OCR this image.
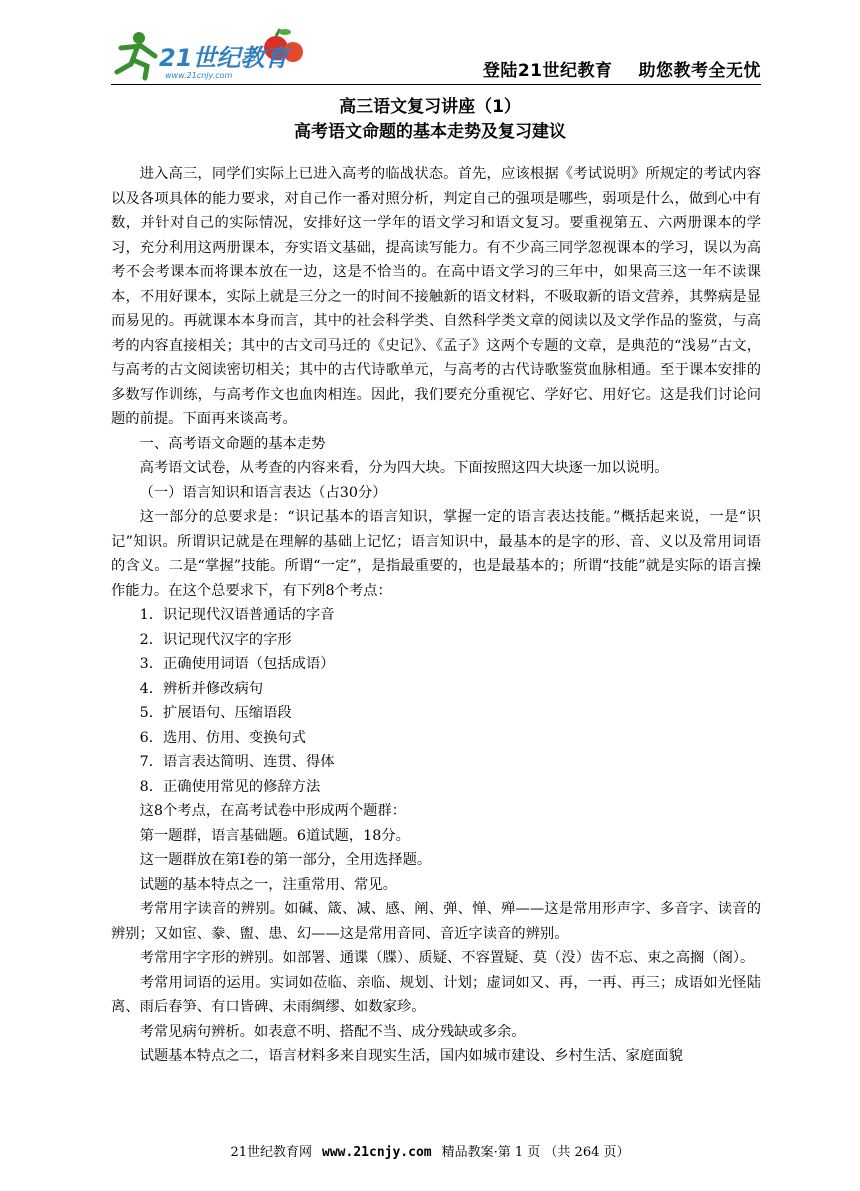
21世纪教育
www.21cnjy.com	登陆21世纪教育 助您教考全无忧
高三语文复习讲座（1）
高考语文命题的基本走势及复习建议

进入高三，同学们实际上已进入高考的临战状态。首先，应该根据《考试说明》所规定的考试内容以及各项具体的能力要求，对自己作一番对照分析，判定自己的强项是哪些，弱项是什么，做到心中有数，并针对自己的实际情况，安排好这一学年的语文学习和语文复习。要重视第五、六两册课本的学习，充分利用这两册课本，夯实语文基础，提高读写能力。有不少高三同学忽视课本的学习，误以为高考不会考课本而将课本放在一边，这是不恰当的。在高中语文学习的三年中，如果高三这一年不读课本，不用好课本，实际上就是三分之一的时间不接触新的语文材料，不吸取新的语文营养，其弊病是显而易见的。再就课本本身而言，其中的社会科学类、自然科学类文章的阅读以及文学作品的鉴赏，与高考的内容直接相关；其中的古文司马迁的《史记》、《孟子》这两个专题的文章，是典范的“浅易”古文，与高考的古文阅读密切相关；其中的古代诗歌单元，与高考的古代诗歌鉴赏血脉相通。至于课本安排的多数写作训练，与高考作文也血肉相连。因此，我们要充分重视它、学好它、用好它。这是我们讨论问题的前提。下面再来谈高考。

一、高考语文命题的基本走势

高考语文试卷，从考查的内容来看，分为四大块。下面按照这四大块逐一加以说明。

（一）语言知识和语言表达（占30分）

这一部分的总要求是：“识记基本的语言知识，掌握一定的语言表达技能。”概括起来说，一是“识记”知识。所谓识记就是在理解的基础上记忆；语言知识中，最基本的是字的形、音、义以及常用词语的含义。二是“掌握”技能。所谓“一定”，是指最重要的，也是最基本的；所谓“技能”就是实际的语言操作能力。在这个总要求下，有下列8个考点：

1．识记现代汉语普通话的字音

2．识记现代汉字的字形

3．正确使用词语（包括成语）

4．辨析并修改病句

5．扩展语句、压缩语段

6．选用、仿用、变换句式

7．语言表达简明、连贯、得体

8．正确使用常见的修辞方法

这8个考点，在高考试卷中形成两个题群：

第一题群，语言基础题。6道试题，18分。

这一题群放在第Ⅰ卷的第一部分，全用选择题。

试题的基本特点之一，注重常用、常见。

考常用字读音的辨别。如碱、箴、减、感、阐、弹、惮、殚——这是常用形声字、多音字、读音的辨别；又如宦、豢、盥、患、幻——这是常用音同、音近字读音的辨别。

考常用字字形的辨别。如部署、通谍（牒）、质疑、不容置疑、莫（没）齿不忘、束之高搁（阁）。

考常用词语的运用。实词如莅临、亲临、规划、计划；虚词如又、再，一再、再三；成语如光怪陆离、雨后春笋、有口皆碑、未雨绸缪、如数家珍。

考常见病句辨析。如表意不明、搭配不当、成分残缺或多余。

试题基本特点之二，语言材料多来自现实生活，国内如城市建设、乡村生活、家庭面貌

21世纪教育网 www.21cnjy.com 精品教案·第 1 页 （共 264 页）
